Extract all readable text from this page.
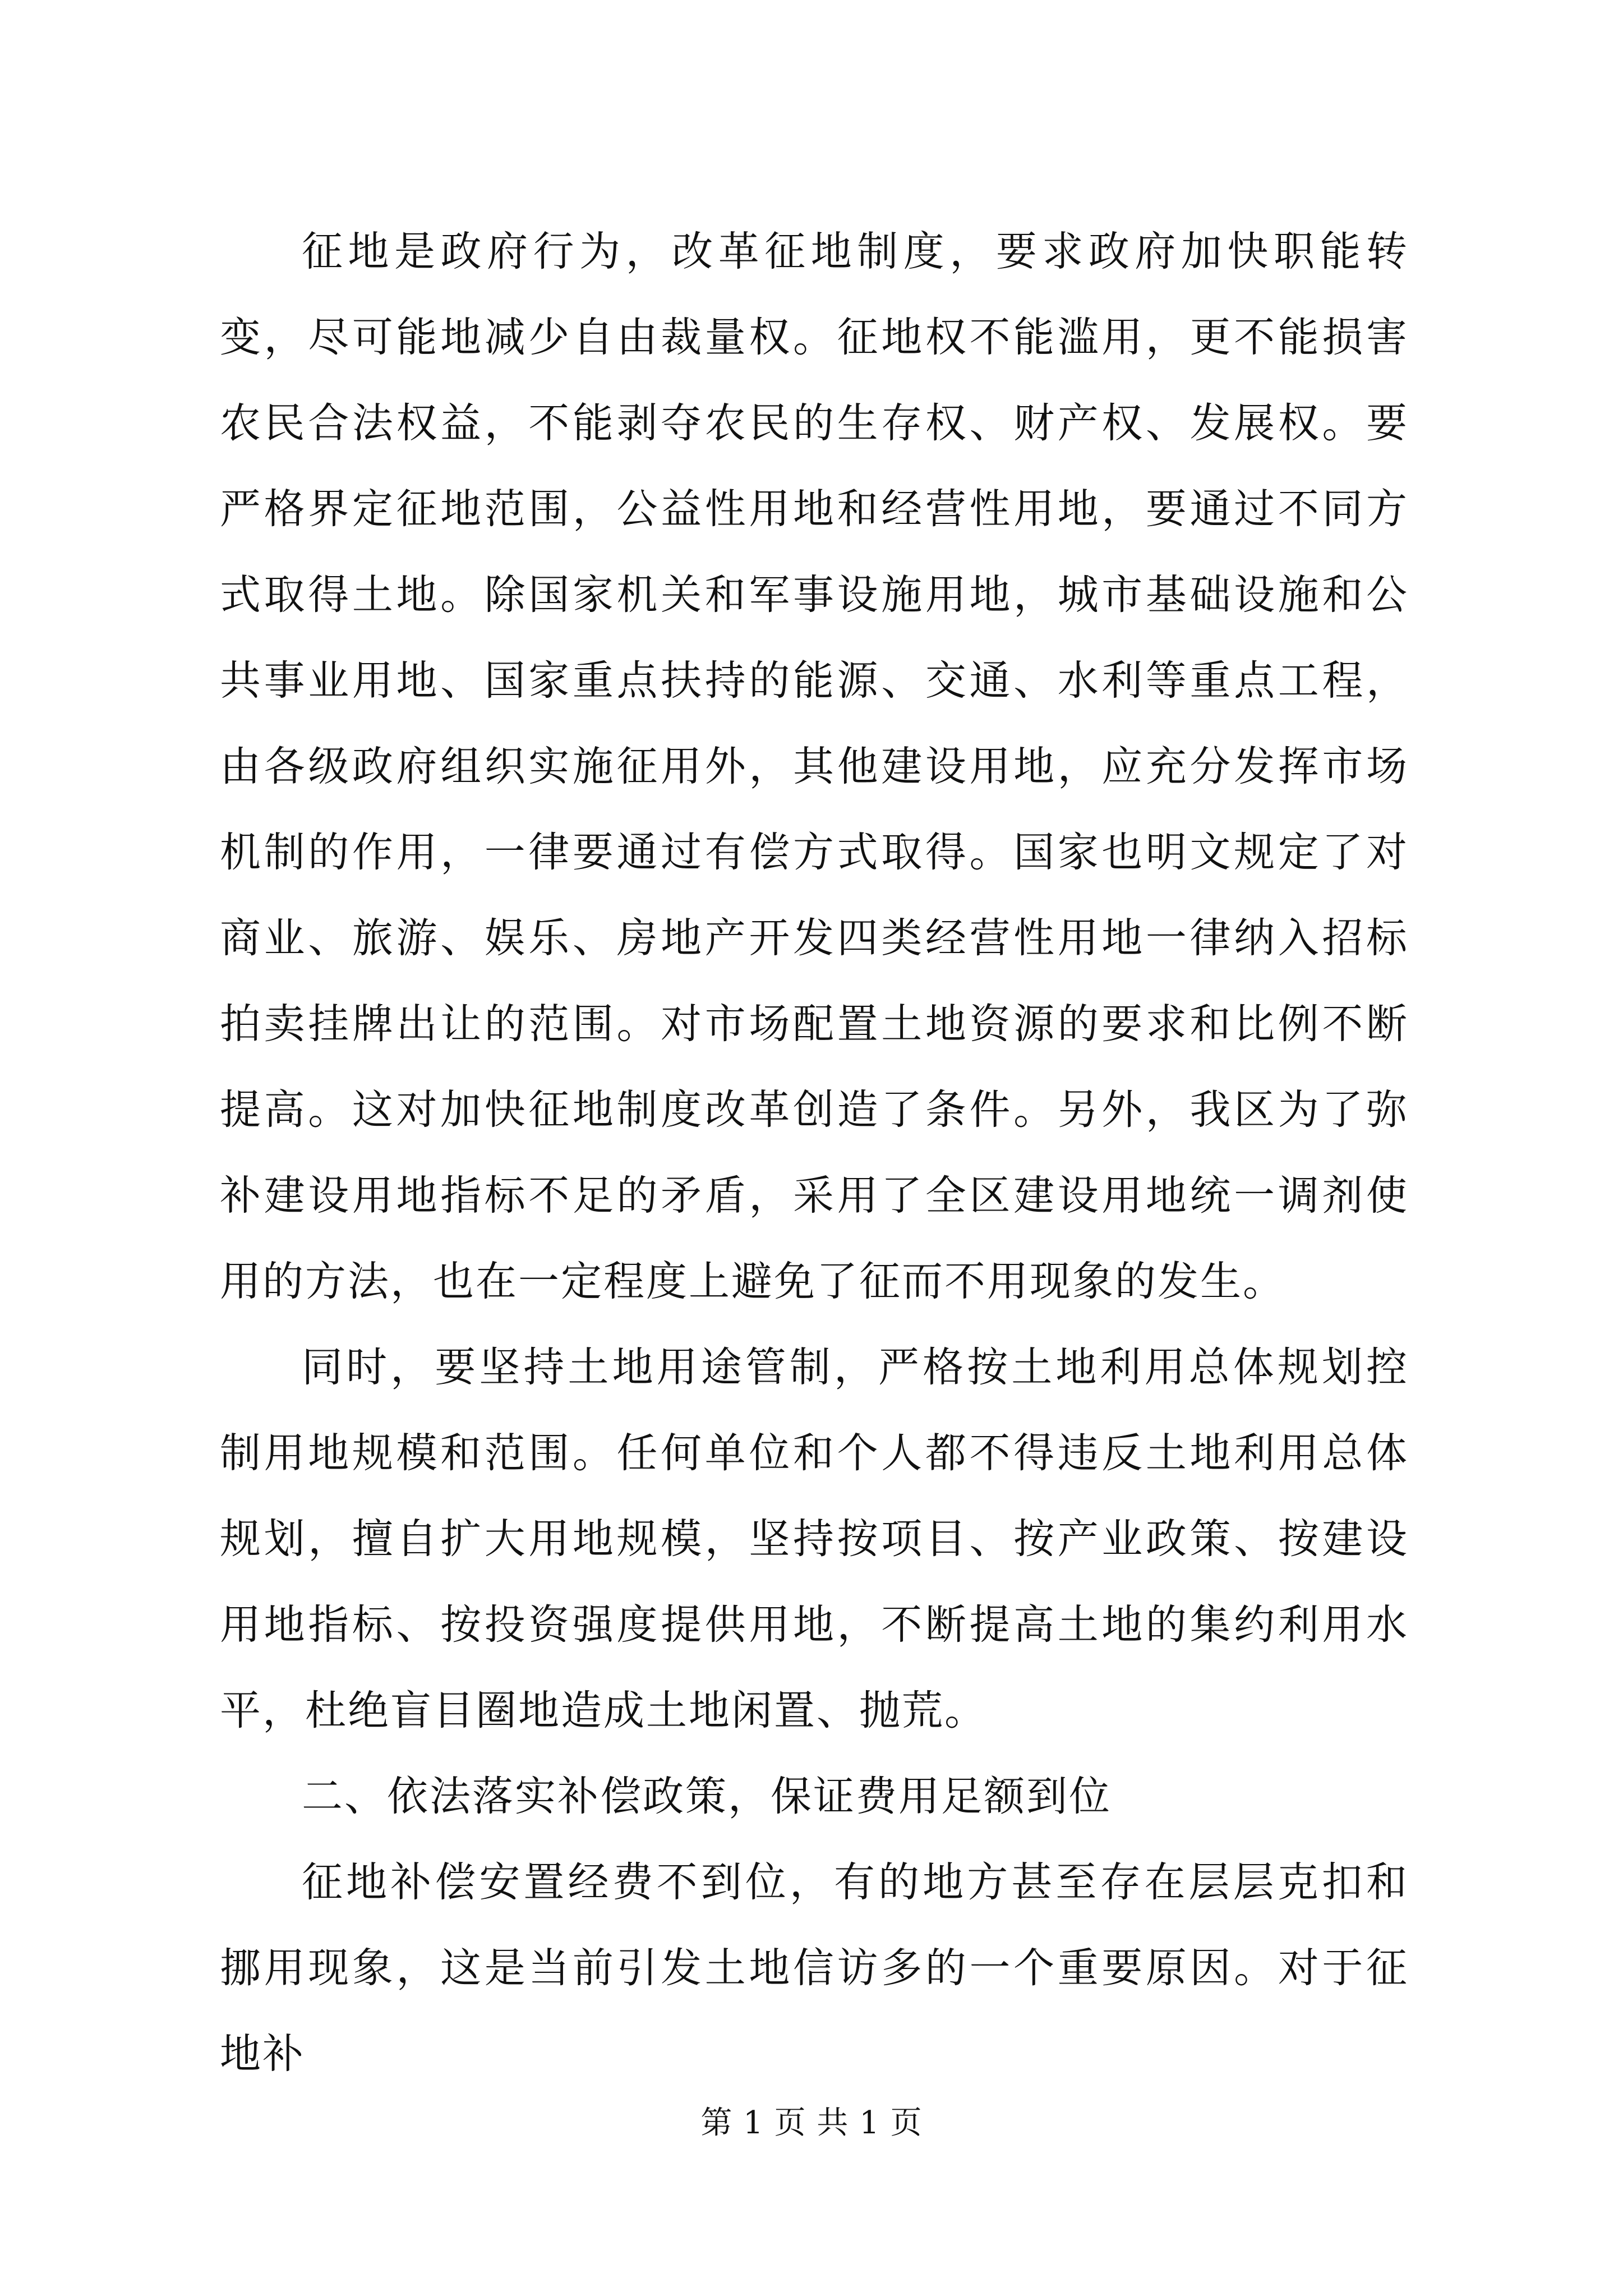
征地是政府行为，改革征地制度，要求政府加快职能转变，尽可能地减少自由裁量权。征地权不能滥用，更不能损害农民合法权益，不能剥夺农民的生存权、财产权、发展权。要严格界定征地范围，公益性用地和经营性用地，要通过不同方式取得土地。除国家机关和军事设施用地，城市基础设施和公共事业用地、国家重点扶持的能源、交通、水利等重点工程，由各级政府组织实施征用外，其他建设用地，应充分发挥市场机制的作用，一律要通过有偿方式取得。国家也明文规定了对商业、旅游、娱乐、房地产开发四类经营性用地一律纳入招标拍卖挂牌出让的范围。对市场配置土地资源的要求和比例不断提高。这对加快征地制度改革创造了条件。另外，我区为了弥补建设用地指标不足的矛盾，采用了全区建设用地统一调剂使用的方法，也在一定程度上避免了征而不用现象的发生。

同时，要坚持土地用途管制，严格按土地利用总体规划控制用地规模和范围。任何单位和个人都不得违反土地利用总体规划，擅自扩大用地规模，坚持按项目、按产业政策、按建设用地指标、按投资强度提供用地，不断提高土地的集约利用水平，杜绝盲目圈地造成土地闲置、抛荒。

二、依法落实补偿政策，保证费用足额到位

征地补偿安置经费不到位，有的地方甚至存在层层克扣和挪用现象，这是当前引发土地信访多的一个重要原因。对于征地补

第 1 页 共 1 页
